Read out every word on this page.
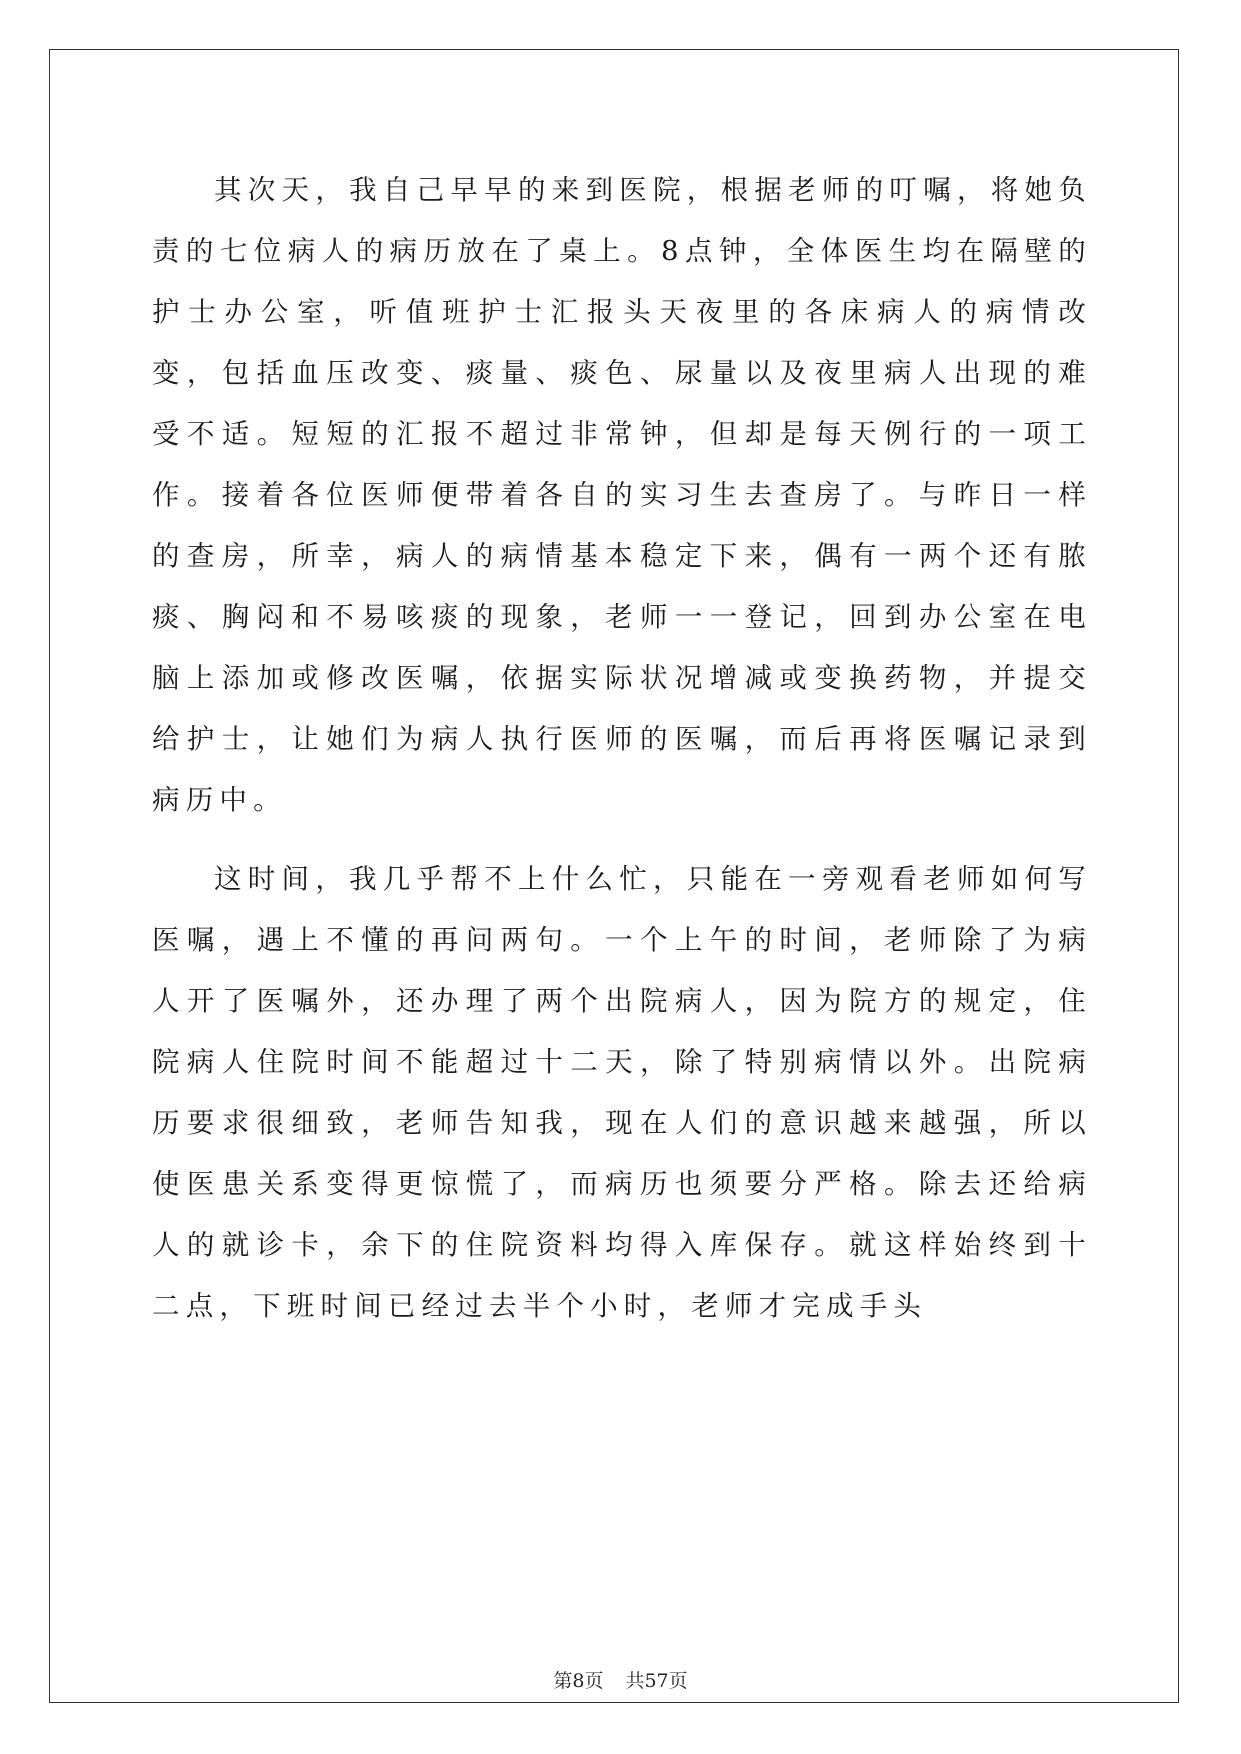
其次天，我自己早早的来到医院，根据老师的叮嘱，将她负责的七位病人的病历放在了桌上。8点钟，全体医生均在隔壁的护士办公室，听值班护士汇报头天夜里的各床病人的病情改变，包括血压改变、痰量、痰色、尿量以及夜里病人出现的难受不适。短短的汇报不超过非常钟，但却是每天例行的一项工作。接着各位医师便带着各自的实习生去查房了。与昨日一样的查房，所幸，病人的病情基本稳定下来，偶有一两个还有脓痰、胸闷和不易咳痰的现象，老师一一登记，回到办公室在电脑上添加或修改医嘱，依据实际状况增减或变换药物，并提交给护士，让她们为病人执行医师的医嘱，而后再将医嘱记录到病历中。

这时间，我几乎帮不上什么忙，只能在一旁观看老师如何写医嘱，遇上不懂的再问两句。一个上午的时间，老师除了为病人开了医嘱外，还办理了两个出院病人，因为院方的规定，住院病人住院时间不能超过十二天，除了特别病情以外。出院病历要求很细致，老师告知我，现在人们的意识越来越强，所以使医患关系变得更惊慌了，而病历也须要分严格。除去还给病人的就诊卡，余下的住院资料均得入库保存。就这样始终到十二点，下班时间已经过去半个小时，老师才完成手头

第8页 共57页
